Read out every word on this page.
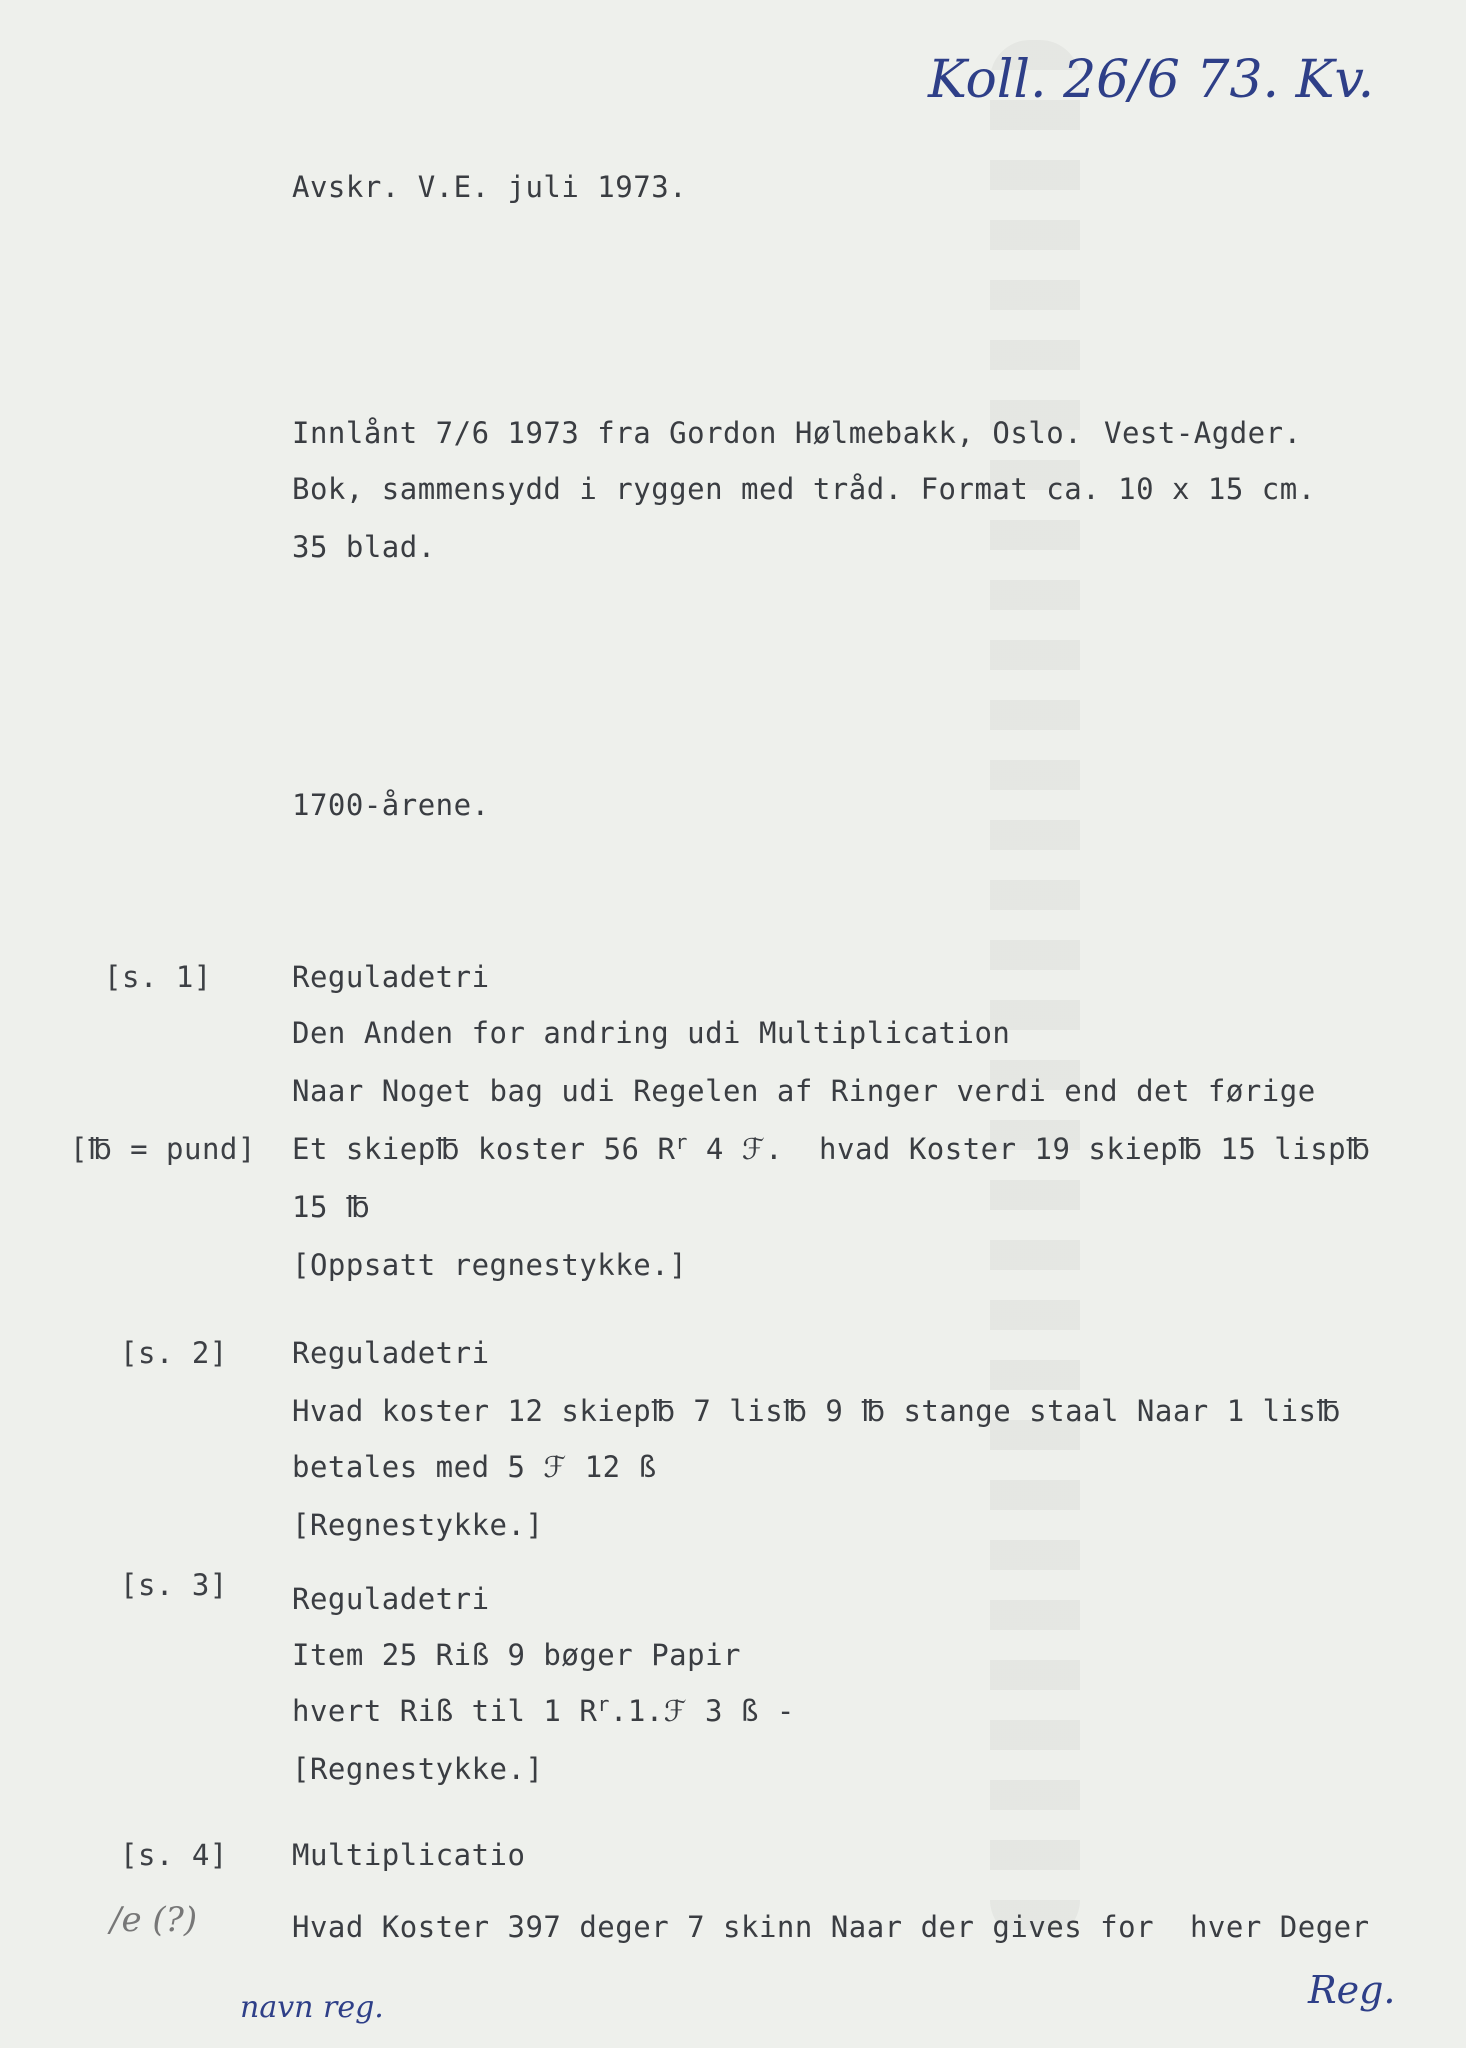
Koll. 26/6 73. Kv.
Avskr. V.E. juli 1973.
Innlånt 7/6 1973 fra Gordon Hølmebakk, Oslo. Vest-Agder.
Bok, sammensydd i ryggen med tråd. Format ca. 10 x 15 cm.
35 blad.
1700-årene.
[s. 1]	Reguladetri
Den Anden for andring udi Multiplication
Naar Noget bag udi Regelen af Ringer verdi end det førige
[℔ = pund] Et skiep℔ koster 56 $R^r$ 4 ℱ.  hvad Koster 19 skiep℔ 15 lisp℔
15 ℔
[Oppsatt regnestykke.]
[s. 2] Reguladetri
Hvad koster 12 skiep℔ 7 lis℔ 9 ℔ stange staal Naar 1 lis℔
betales med 5 ℱ 12 ß
[Regnestykke.]
[s. 3] Reguladetri
Item 25 Riß 9 bøger Papir
hvert Riß til 1 $R^r.1.ℱ$ 3 ß -
[Regnestykke.]
[s. 4] Multiplicatio
Hvad Koster 397 deger 7 skinn Naar der gives for  hver Deger
/e (?)
navn reg.	Reg.
